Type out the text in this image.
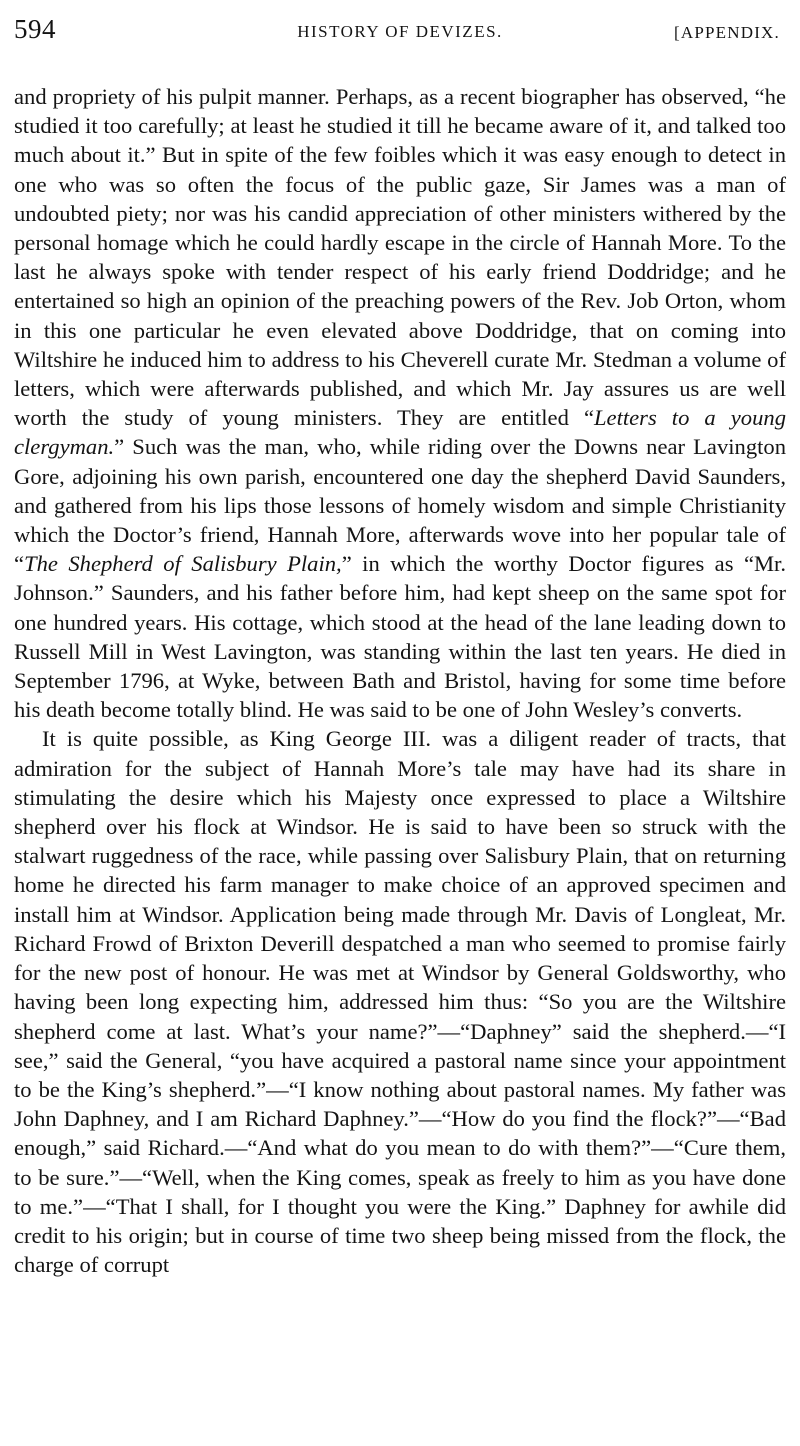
594	HISTORY OF DEVIZES.	[APPENDIX.

and propriety of his pulpit manner. Perhaps, as a recent biographer has observed, “he studied it too carefully; at least he studied it till he became aware of it, and talked too much about it.” But in spite of the few foibles which it was easy enough to detect in one who was so often the focus of the public gaze, Sir James was a man of undoubted piety; nor was his candid appreciation of other ministers withered by the personal homage which he could hardly escape in the circle of Hannah More. To the last he always spoke with tender respect of his early friend Doddridge; and he entertained so high an opinion of the preaching powers of the Rev. Job Orton, whom in this one particular he even elevated above Doddridge, that on coming into Wiltshire he induced him to address to his Cheverell curate Mr. Stedman a volume of letters, which were afterwards published, and which Mr. Jay assures us are well worth the study of young ministers. They are entitled “Letters to a young clergyman.” Such was the man, who, while riding over the Downs near Lavington Gore, adjoining his own parish, encountered one day the shepherd David Saunders, and gathered from his lips those lessons of homely wisdom and simple Christianity which the Doctor’s friend, Hannah More, afterwards wove into her popular tale of “The Shepherd of Salisbury Plain,” in which the worthy Doctor figures as “Mr. Johnson.” Saunders, and his father before him, had kept sheep on the same spot for one hundred years. His cottage, which stood at the head of the lane leading down to Russell Mill in West Lavington, was standing within the last ten years. He died in September 1796, at Wyke, between Bath and Bristol, having for some time before his death become totally blind. He was said to be one of John Wesley’s converts.

It is quite possible, as King George III. was a diligent reader of tracts, that admiration for the subject of Hannah More’s tale may have had its share in stimulating the desire which his Majesty once expressed to place a Wiltshire shepherd over his flock at Windsor. He is said to have been so struck with the stalwart ruggedness of the race, while passing over Salisbury Plain, that on returning home he directed his farm manager to make choice of an approved specimen and install him at Windsor. Application being made through Mr. Davis of Longleat, Mr. Richard Frowd of Brixton Deverill despatched a man who seemed to promise fairly for the new post of honour. He was met at Windsor by General Goldsworthy, who having been long expecting him, addressed him thus: “So you are the Wiltshire shepherd come at last. What’s your name?”—“Daphney” said the shepherd.—“I see,” said the General, “you have acquired a pastoral name since your appointment to be the King’s shepherd.”—“I know nothing about pastoral names. My father was John Daphney, and I am Richard Daphney.”—“How do you find the flock?”—“Bad enough,” said Richard.—“And what do you mean to do with them?”—“Cure them, to be sure.”—“Well, when the King comes, speak as freely to him as you have done to me.”—“That I shall, for I thought you were the King.” Daphney for awhile did credit to his origin; but in course of time two sheep being missed from the flock, the charge of corrupt
